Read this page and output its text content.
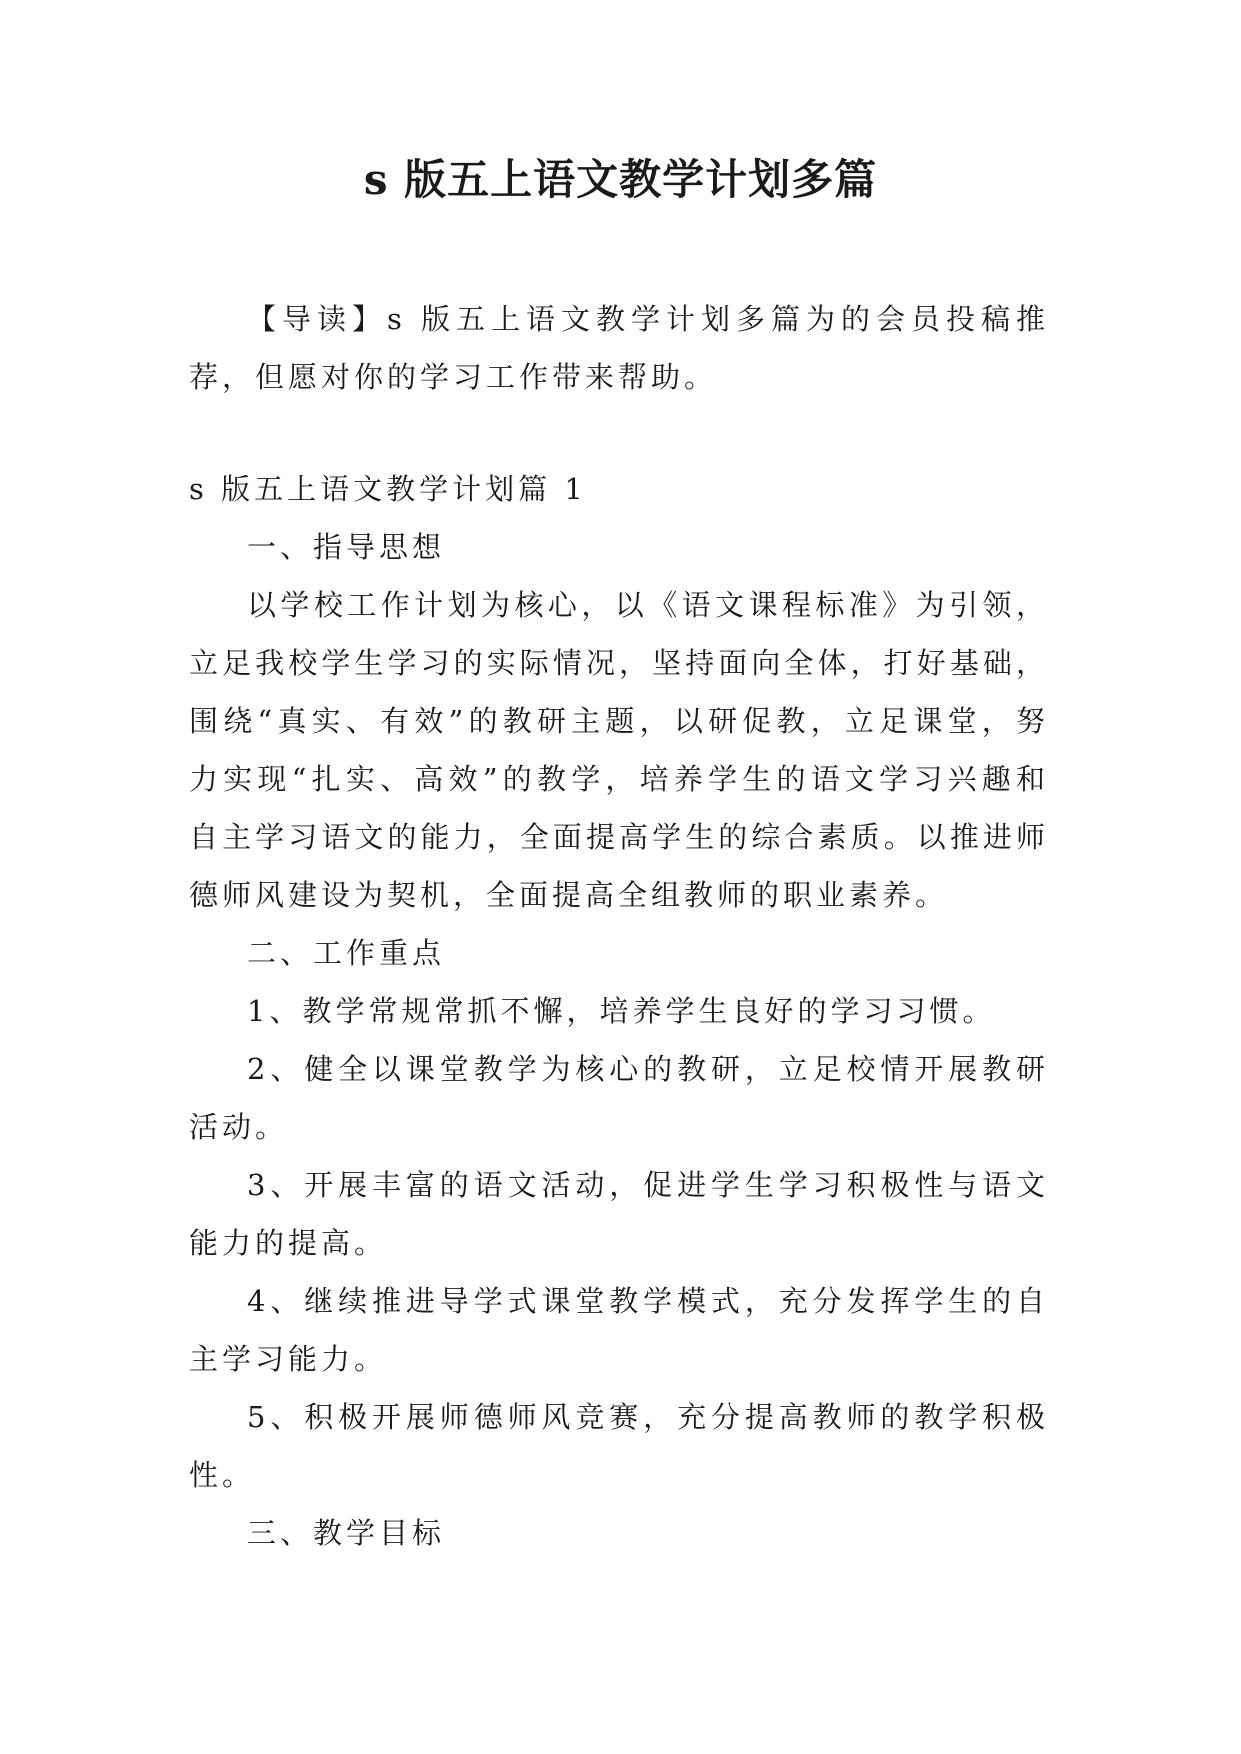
s 版五上语文教学计划多篇

【导读】s 版五上语文教学计划多篇为的会员投稿推荐，但愿对你的学习工作带来帮助。

s 版五上语文教学计划篇 1

一、指导思想

以学校工作计划为核心，以《语文课程标准》为引领，立足我校学生学习的实际情况，坚持面向全体，打好基础，围绕“真实、有效”的教研主题，以研促教，立足课堂，努力实现“扎实、高效”的教学，培养学生的语文学习兴趣和自主学习语文的能力，全面提高学生的综合素质。以推进师德师风建设为契机，全面提高全组教师的职业素养。

二、工作重点

1、教学常规常抓不懈，培养学生良好的学习习惯。

2、健全以课堂教学为核心的教研，立足校情开展教研活动。

3、开展丰富的语文活动，促进学生学习积极性与语文能力的提高。

4、继续推进导学式课堂教学模式，充分发挥学生的自主学习能力。

5、积极开展师德师风竞赛，充分提高教师的教学积极性。

三、教学目标
